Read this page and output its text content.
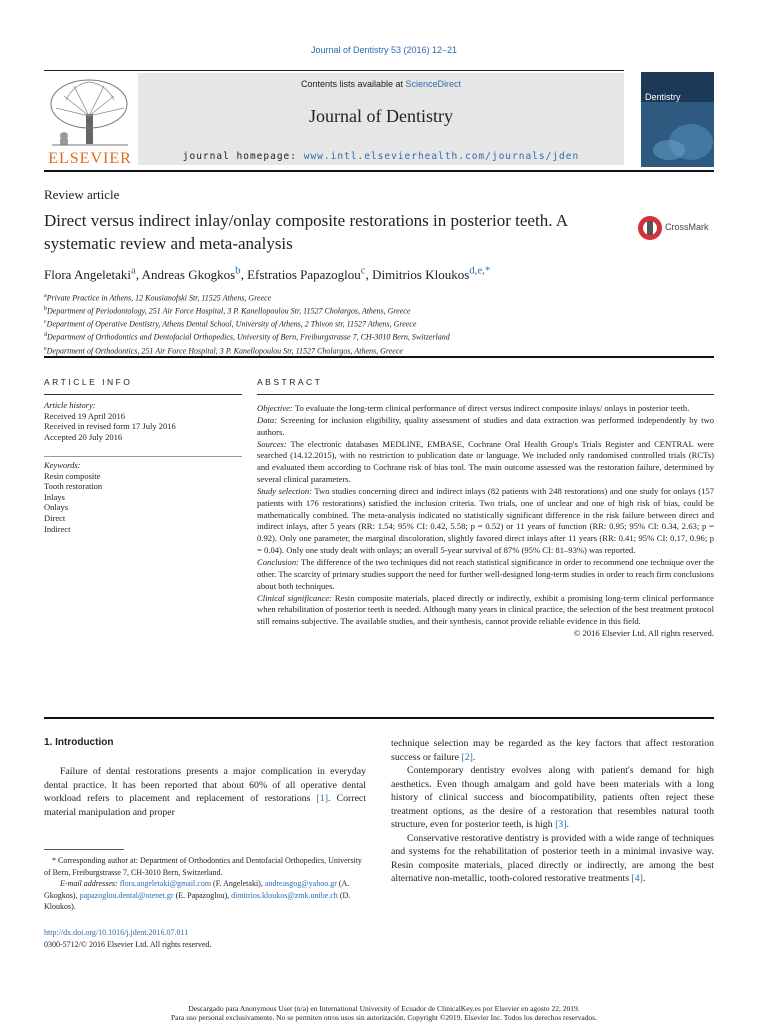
Journal of Dentistry 53 (2016) 12–21
ELSEVIER
Contents lists available at ScienceDirect
Journal of Dentistry
journal homepage: www.intl.elsevierhealth.com/journals/jden
Dentistry
Review article
Direct versus indirect inlay/onlay composite restorations in posterior teeth. A systematic review and meta-analysis
CrossMark
Flora Angeletaki$^a$, Andreas Gkogkos$^b$, Efstratios Papazoglou$^c$, Dimitrios Kloukos$^{d,e,*}$
$^a$Private Practice in Athens, 12 Kousianofski Str, 11525 Athens, Greece
$^b$Department of Periodontology, 251 Air Force Hospital, 3 P. Kanellopoulou Str, 11527 Cholargos, Athens, Greece
$^c$Department of Operative Dentistry, Athens Dental School, University of Athens, 2 Thivon str, 11527 Athens, Greece
$^d$Department of Orthodontics and Dentofacial Orthopedics, University of Bern, Freiburgstrasse 7, CH-3010 Bern, Switzerland
$^e$Department of Orthodontics, 251 Air Force Hospital, 3 P. Kanellopoulou Str, 11527 Cholargos, Athens, Greece
ARTICLE INFO
Article history:
Received 19 April 2016
Received in revised form 17 July 2016
Accepted 20 July 2016
Keywords:
Resin composite
Tooth restoration
Inlays
Onlays
Direct
Indirect
ABSTRACT

Objective: To evaluate the long-term clinical performance of direct versus indirect composite inlays/ onlays in posterior teeth.

Data: Screening for inclusion eligibility, quality assessment of studies and data extraction was performed independently by two authors.

Sources: The electronic databases MEDLINE, EMBASE, Cochrane Oral Health Group's Trials Register and CENTRAL were searched (14.12.2015), with no restriction to publication date or language. We included only randomised controlled trials (RCTs) and evaluated them according to Cochrane risk of bias tool. The main outcome assessed was the restoration failure, determined by several clinical parameters.

Study selection: Two studies concerning direct and indirect inlays (82 patients with 248 restorations) and one study for onlays (157 patients with 176 restorations) satisfied the inclusion criteria. Two trials, one of unclear and one of high risk of bias, could be mathematically combined. The meta-analysis indicated no statistically significant difference in the risk failure between direct and indirect inlays, after 5 years (RR: 1.54; 95% CI: 0.42, 5.58; p = 0.52) or 11 years of function (RR: 0.95; 95% CI: 0.34, 2.63; p = 0.92). Only one parameter, the marginal discoloration, slightly favored direct inlays after 11 years (RR: 0.41; 95% CI: 0.17, 0.96; p = 0.04). Only one study dealt with onlays; an overall 5-year survival of 87% (95% CI: 81–93%) was reported.

Conclusion: The difference of the two techniques did not reach statistical significance in order to recommend one technique over the other. The scarcity of primary studies support the need for further well-designed long-term studies in order to reach firm conclusions about both techniques.

Clinical significance: Resin composite materials, placed directly or indirectly, exhibit a promising long-term clinical performance when rehabilitation of posterior teeth is needed. Although many years in clinical practice, the selection of the best treatment protocol still remains subjective. The available studies, and their synthesis, cannot provide reliable evidence in this field.

© 2016 Elsevier Ltd. All rights reserved.

1. Introduction

Failure of dental restorations presents a major complication in everyday dental practice. It has been reported that about 60% of all operative dental workload refers to placement and replacement of restorations [1]. Correct material manipulation and proper

technique selection may be regarded as the key factors that affect restoration success or failure [2].

Contemporary dentistry evolves along with patient's demand for high aesthetics. Even though amalgam and gold have been materials with a long history of clinical success and biocompatibility, patients often reject these treatment options, as the desire of a restoration that resembles natural tooth structure, even for posterior teeth, is high [3].

Conservative restorative dentistry is provided with a wide range of techniques and systems for the rehabilitation of posterior teeth in a minimal invasive way. Resin composite materials, placed directly or indirectly, are among the best alternative non-metallic, tooth-colored restorative treatments [4].

* Corresponding author at: Department of Orthodontics and Dentofacial Orthopedics, University of Bern, Freiburgstrasse 7, CH-3010 Bern, Switzerland.

E-mail addresses: flora.angeletaki@gmail.com (F. Angeletaki), andreasgog@yahoo.gr (A. Gkogkos), papazoglou.dental@otenet.gr (E. Papazoglou), dimitrios.kloukos@zmk.unibe.ch (D. Kloukos).

http://dx.doi.org/10.1016/j.jdent.2016.07.011
0300-5712/© 2016 Elsevier Ltd. All rights reserved.
Descargado para Anonymous User (n/a) en International University of Ecuador de ClinicalKey.es por Elsevier en agosto 22, 2019.
Para uso personal exclusivamente. No se permiten otros usos sin autorización. Copyright ©2019. Elsevier Inc. Todos los derechos reservados.
